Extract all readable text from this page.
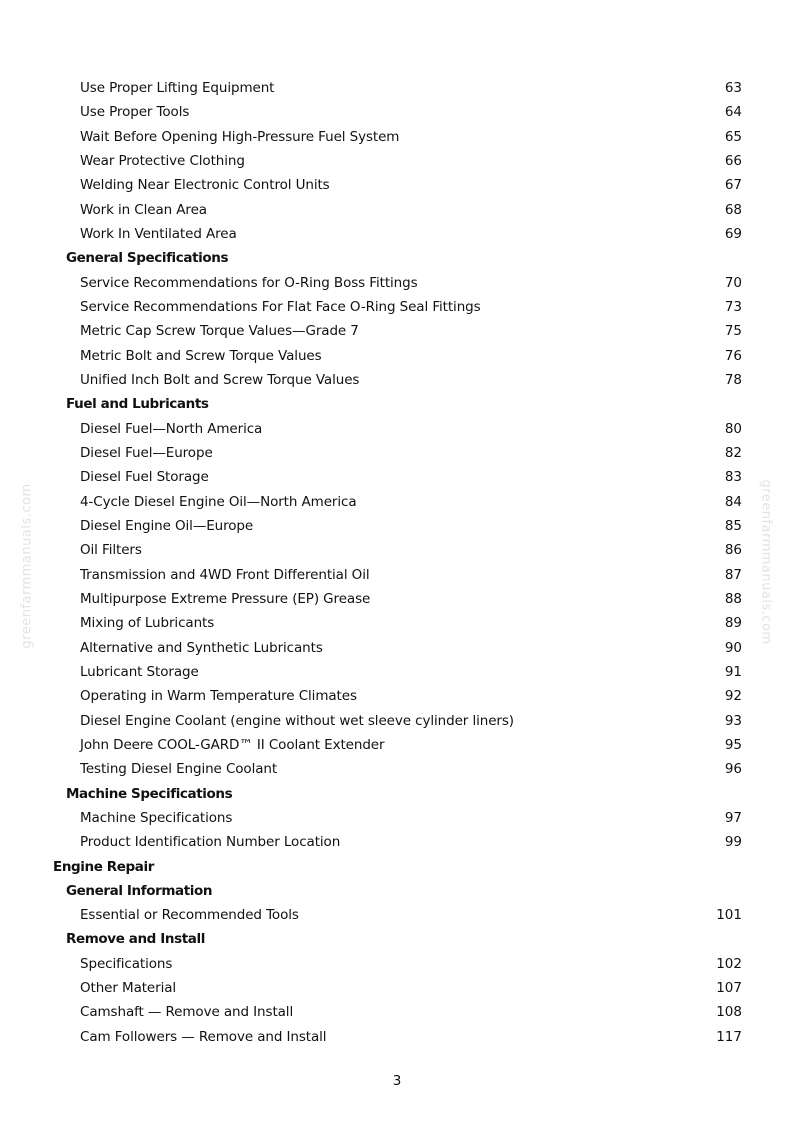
greenfarmmanuals.com	greenfarmmanuals.com
Use Proper Lifting Equipment	63
Use Proper Tools	64
Wait Before Opening High-Pressure Fuel System	65
Wear Protective Clothing	66
Welding Near Electronic Control Units	67
Work in Clean Area	68
Work In Ventilated Area	69
General Specifications
Service Recommendations for O-Ring Boss Fittings	70
Service Recommendations For Flat Face O-Ring Seal Fittings	73
Metric Cap Screw Torque Values—Grade 7	75
Metric Bolt and Screw Torque Values	76
Unified Inch Bolt and Screw Torque Values	78
Fuel and Lubricants
Diesel Fuel—North America	80
Diesel Fuel—Europe	82
Diesel Fuel Storage	83
4-Cycle Diesel Engine Oil—North America	84
Diesel Engine Oil—Europe	85
Oil Filters	86
Transmission and 4WD Front Differential Oil	87
Multipurpose Extreme Pressure (EP) Grease	88
Mixing of Lubricants	89
Alternative and Synthetic Lubricants	90
Lubricant Storage	91
Operating in Warm Temperature Climates	92
Diesel Engine Coolant (engine without wet sleeve cylinder liners)	93
John Deere COOL-GARD™ II Coolant Extender	95
Testing Diesel Engine Coolant	96
Machine Specifications
Machine Specifications	97
Product Identification Number Location	99
Engine Repair
General Information
Essential or Recommended Tools	101
Remove and Install
Specifications	102
Other Material	107
Camshaft — Remove and Install	108
Cam Followers — Remove and Install	117
3
